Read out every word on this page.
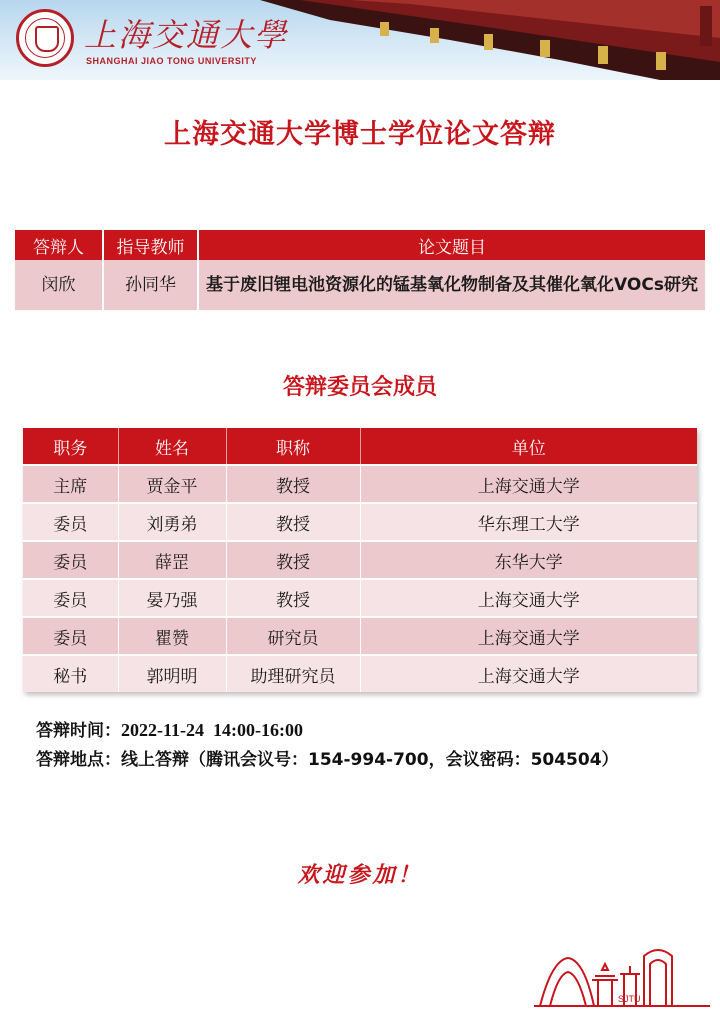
上海交通大學
SHANGHAI JIAO TONG UNIVERSITY
上海交通大学博士学位论文答辩
答辩人	指导教师	论文题目
闵欣	孙同华	基于废旧锂电池资源化的锰基氧化物制备及其催化氧化VOCs研究
答辩委员会成员
职务	姓名	职称	单位
主席	贾金平	教授	上海交通大学
委员	刘勇弟	教授	华东理工大学
委员	薛罡	教授	东华大学
委员	晏乃强	教授	上海交通大学
委员	瞿赞	研究员	上海交通大学
秘书	郭明明	助理研究员	上海交通大学
答辩时间：2022-11-24  14:00-16:00
答辩地点：线上答辩（腾讯会议号：154-994-700，会议密码：504504）
欢迎参加！
SJTU
